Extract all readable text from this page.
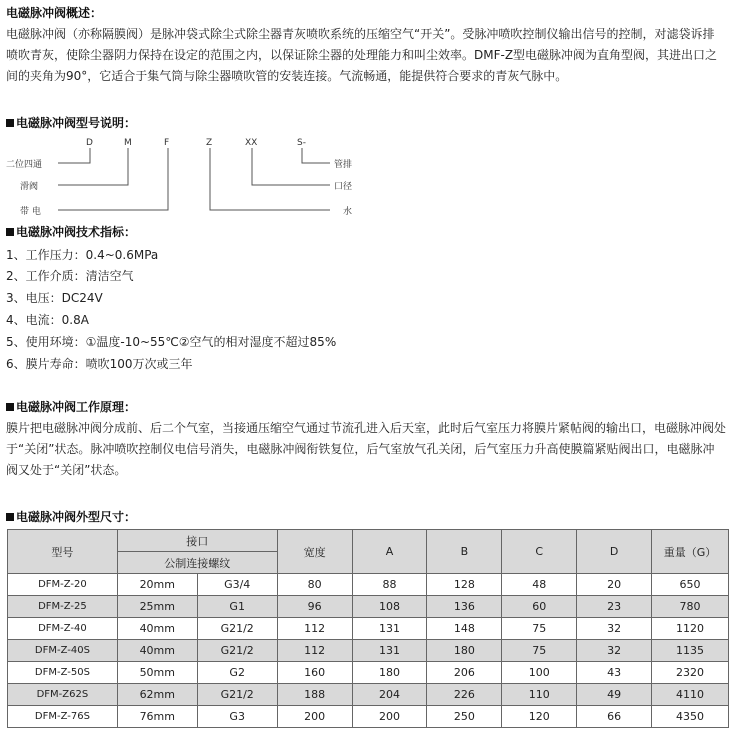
电磁脉冲阀概述：
电磁脉冲阀（亦称隔膜阀）是脉冲袋式除尘式除尘器青灰喷吹系统的压缩空气“开关”。受脉冲喷吹控制仪输出信号的控制，对滤袋诉排喷吹青灰，使除尘器阴力保持在设定的范围之内，以保证除尘器的处理能力和叫尘效率。DMF-Z型电磁脉冲阀为直角型阀，其进出口之间的夹角为90°，它适合于集气筒与除尘器喷吹管的安装连接。气流畅通，能提供符合要求的青灰气脉中。
电磁脉冲阀型号说明：
D	M	F	Z	XX	S-
二位四通
滑阀
带 电
管排
口径
水
电磁脉冲阀技术指标：
1、工作压力：0.4~0.6MPa
2、工作介质：清洁空气
3、电压：DC24V
4、电流：0.8A
5、使用环境：①温度-10~55℃②空气的相对湿度不超过85%
6、膜片寿命：喷吹100万次或三年
电磁脉冲阀工作原理：
膜片把电磁脉冲阀分成前、后二个气室，当接通压缩空气通过节流孔进入后天室，此时后气室压力将膜片紧帖阀的输出口，电磁脉冲阀处于“关闭”状态。脉冲喷吹控制仪电信号消失，电磁脉冲阀衔铁复位，后气室放气孔关闭，后气室压力升高使膜篇紧贴阀出口，电磁脉冲阀又处于“关闭”状态。
电磁脉冲阀外型尺寸：
型号	接口		宽度	A	B	C	D	重量（G）
	公制连接螺纹							
DFM-Z-20	20mm	G3/4	80	88	128	48	20	650
DFM-Z-25	25mm	G1	96	108	136	60	23	780
DFM-Z-40	40mm	G21/2	112	131	148	75	32	1120
DFM-Z-40S	40mm	G21/2	112	131	180	75	32	1135
DFM-Z-50S	50mm	G2	160	180	206	100	43	2320
DFM-Z62S	62mm	G21/2	188	204	226	110	49	4110
DFM-Z-76S	76mm	G3	200	200	250	120	66	4350
